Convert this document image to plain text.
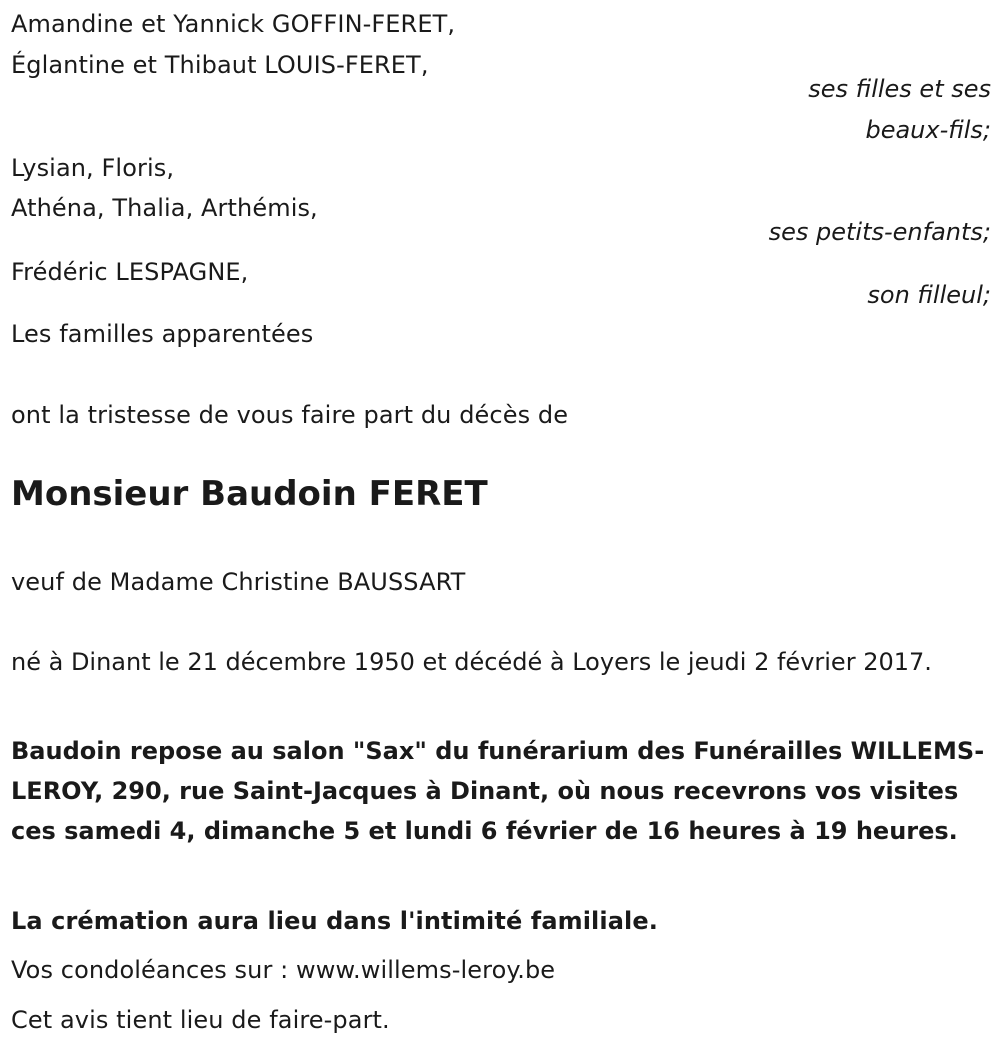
Amandine et Yannick GOFFIN-FERET,
Églantine et Thibaut LOUIS-FERET,
ses filles et ses
beaux-fils;
Lysian, Floris,
Athéna, Thalia, Arthémis,
ses petits-enfants;
Frédéric LESPAGNE,
son filleul;
Les familles apparentées
ont la tristesse de vous faire part du décès de
Monsieur Baudoin FERET
veuf de Madame Christine BAUSSART
né à Dinant le 21 décembre 1950 et décédé à Loyers le jeudi 2 février 2017.
Baudoin repose au salon "Sax" du funérarium des Funérailles WILLEMS-LEROY, 290, rue Saint-Jacques à Dinant, où nous recevrons vos visites ces samedi 4, dimanche 5 et lundi 6 février de 16 heures à 19 heures.
La crémation aura lieu dans l'intimité familiale.
Vos condoléances sur : www.willems-leroy.be
Cet avis tient lieu de faire-part.
